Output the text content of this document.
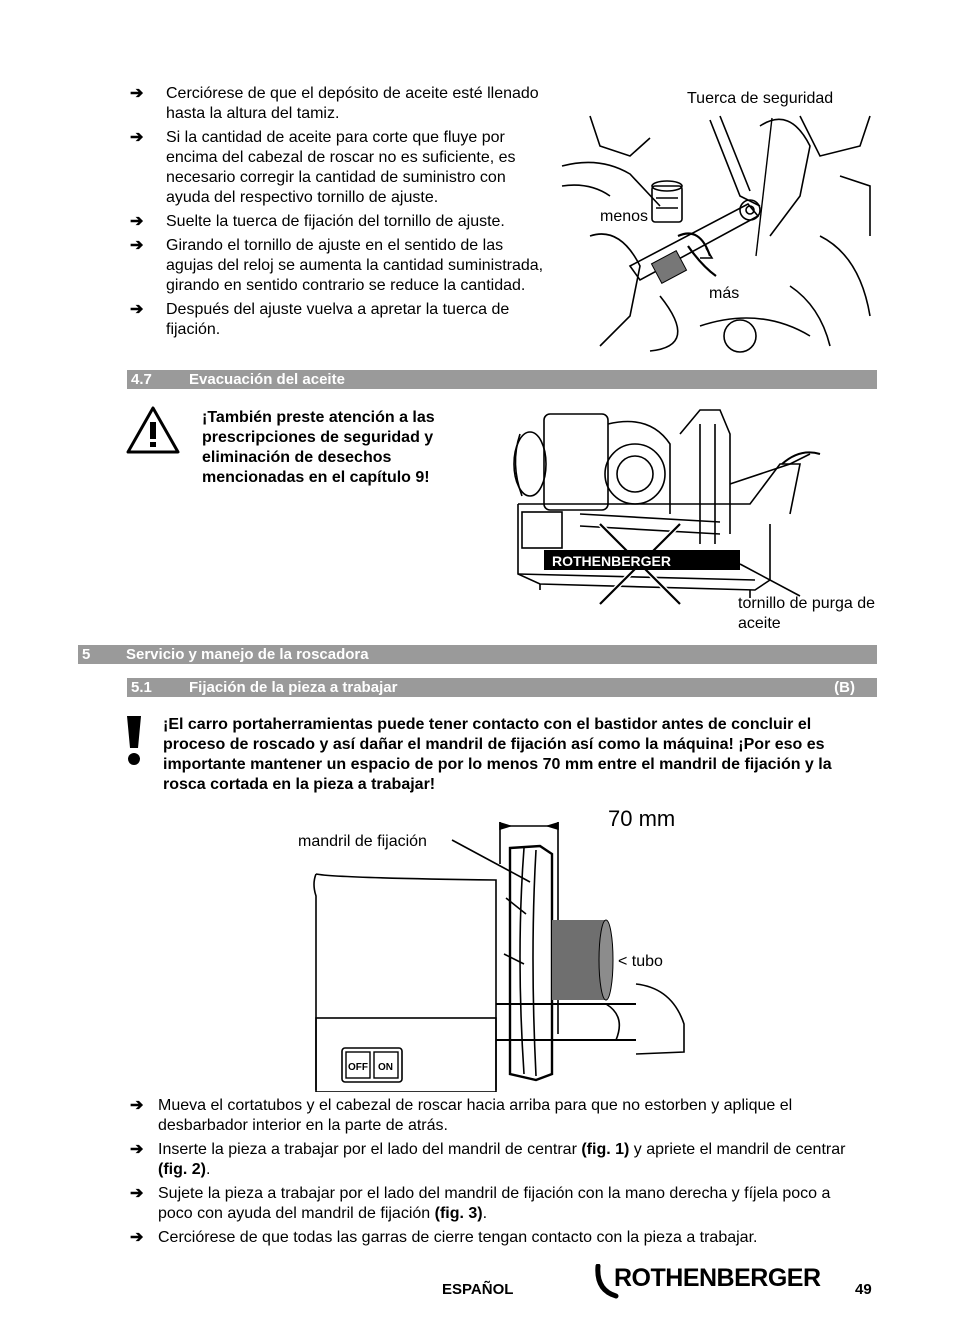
➔ Cerciórese de que el depósito de aceite esté llenado hasta la altura del tamiz.
➔ Si la cantidad de aceite para corte que fluye por encima del cabezal de roscar no es suficiente, es necesario corregir la cantidad de suministro con ayuda del respectivo tornillo de ajuste.
➔ Suelte la tuerca de fijación del tornillo de ajuste.
➔ Girando el tornillo de ajuste en el sentido de las agujas del reloj se aumenta la cantidad suministrada, girando en sentido contrario se reduce la cantidad.
➔ Después del ajuste vuelva a apretar la tuerca de fijación.
Tuerca de seguridad
menos
más
4.7 Evacuación del aceite
¡También preste atención a las prescripciones de seguridad y eliminación de desechos mencionadas en el capítulo 9!
ROTHENBERGER
tornillo de purga de aceite
5 Servicio y manejo de la roscadora
5.1 Fijación de la pieza a trabajar	(B)
¡El carro portaherramientas puede tener contacto con el bastidor antes de concluir el proceso de roscado y así dañar el mandril de fijación así como la máquina! ¡Por eso es importante mantener un espacio de por lo menos 70 mm entre el mandril de fijación y la rosca cortada en la pieza a trabajar!
OFF ON
70 mm
mandril de fijación
< tubo
➔ Mueva el cortatubos y el cabezal de roscar hacia arriba para que no estorben y aplique el desbarbador interior en la parte de atrás.
➔ Inserte la pieza a trabajar por el lado del mandril de centrar (fig. 1) y apriete el mandril de centrar (fig. 2).
➔ Sujete la pieza a trabajar por el lado del mandril de fijación con la mano derecha y fíjela poco a poco con ayuda del mandril de fijación (fig. 3).
➔ Cerciórese de que todas las garras de cierre tengan contacto con la pieza a trabajar.
ESPAÑOL	ROTHENBERGER 49
